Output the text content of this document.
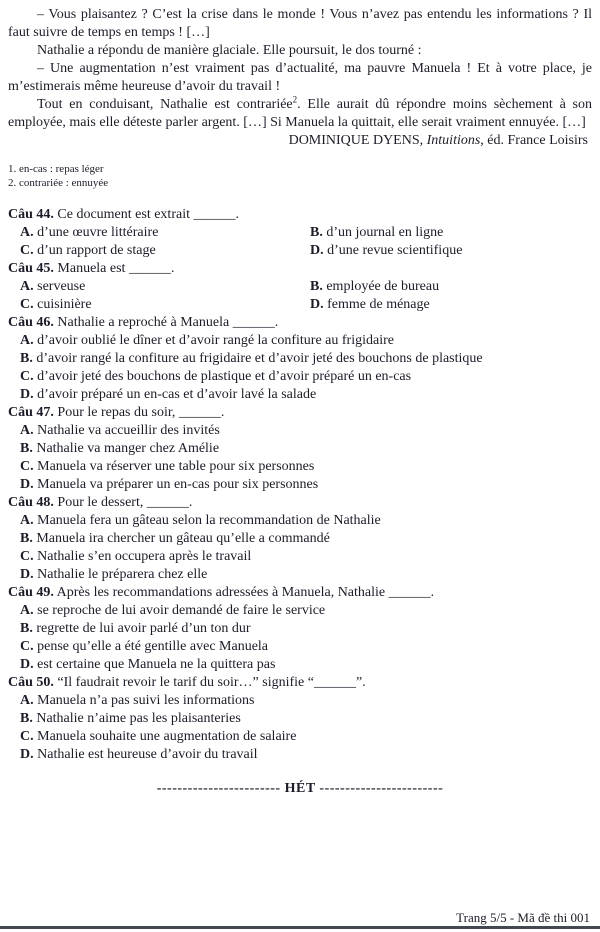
– Vous plaisantez ? C’est la crise dans le monde ! Vous n’avez pas entendu les informations ? Il faut suivre de temps en temps ! […]

Nathalie a répondu de manière glaciale. Elle poursuit, le dos tourné :

– Une augmentation n’est vraiment pas d’actualité, ma pauvre Manuela ! Et à votre place, je m’estimerais même heureuse d’avoir du travail !

Tout en conduisant, Nathalie est contrariée$^2$. Elle aurait dû répondre moins sèchement à son employée, mais elle déteste parler argent. […] Si Manuela la quittait, elle serait vraiment ennuyée. […]

DOMINIQUE DYENS, Intuitions, éd. France Loisirs

1. en-cas : repas léger

2. contrariée : ennuyée

Câu 44. Ce document est extrait ______.

A. d’une œuvre littéraire	B. d’un journal en ligne

C. d’un rapport de stage	D. d’une revue scientifique

Câu 45. Manuela est ______.

A. serveuse	B. employée de bureau

C. cuisinière	D. femme de ménage

Câu 46. Nathalie a reproché à Manuela ______.

A. d’avoir oublié le dîner et d’avoir rangé la confiture au frigidaire

B. d’avoir rangé la confiture au frigidaire et d’avoir jeté des bouchons de plastique

C. d’avoir jeté des bouchons de plastique et d’avoir préparé un en-cas

D. d’avoir préparé un en-cas et d’avoir lavé la salade

Câu 47. Pour le repas du soir, ______.

A. Nathalie va accueillir des invités

B. Nathalie va manger chez Amélie

C. Manuela va réserver une table pour six personnes

D. Manuela va préparer un en-cas pour six personnes

Câu 48. Pour le dessert, ______.

A. Manuela fera un gâteau selon la recommandation de Nathalie

B. Manuela ira chercher un gâteau qu’elle a commandé

C. Nathalie s’en occupera après le travail

D. Nathalie le préparera chez elle

Câu 49. Après les recommandations adressées à Manuela, Nathalie ______.

A. se reproche de lui avoir demandé de faire le service

B. regrette de lui avoir parlé d’un ton dur

C. pense qu’elle a été gentille avec Manuela

D. est certaine que Manuela ne la quittera pas

Câu 50. “Il faudrait revoir le tarif du soir…” signifie “______”.

A. Manuela n’a pas suivi les informations

B. Nathalie n’aime pas les plaisanteries

C. Manuela souhaite une augmentation de salaire

D. Nathalie est heureuse d’avoir du travail

------------------------ HÉT ------------------------

Trang 5/5 - Mã đề thi 001
